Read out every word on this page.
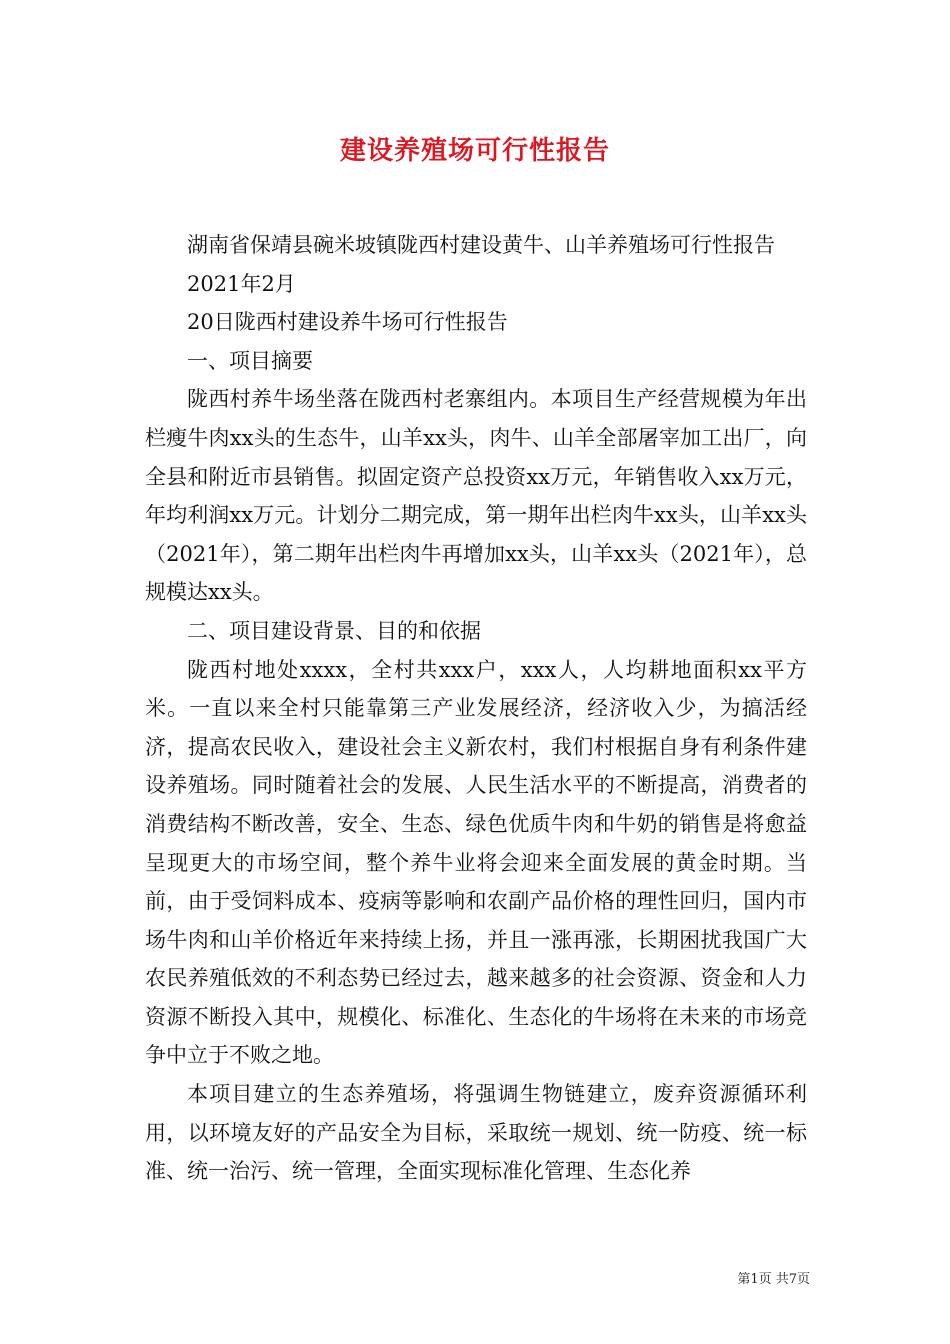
建设养殖场可行性报告

湖南省保靖县碗米坡镇陇西村建设黄牛、山羊养殖场可行性报告

2021年2月

20日陇西村建设养牛场可行性报告

一、项目摘要

陇西村养牛场坐落在陇西村老寨组内。本项目生产经营规模为年出栏瘦牛肉xx头的生态牛，山羊xx头，肉牛、山羊全部屠宰加工出厂，向全县和附近市县销售。拟固定资产总投资xx万元，年销售收入xx万元，年均利润xx万元。计划分二期完成，第一期年出栏肉牛xx头，山羊xx头（2021年），第二期年出栏肉牛再增加xx头，山羊xx头（2021年），总规模达xx头。

二、项目建设背景、目的和依据

陇西村地处xxxx，全村共xxx户，xxx人，人均耕地面积xx平方米。一直以来全村只能靠第三产业发展经济，经济收入少，为搞活经济，提高农民收入，建设社会主义新农村，我们村根据自身有利条件建设养殖场。同时随着社会的发展、人民生活水平的不断提高，消费者的消费结构不断改善，安全、生态、绿色优质牛肉和牛奶的销售是将愈益呈现更大的市场空间，整个养牛业将会迎来全面发展的黄金时期。当前，由于受饲料成本、疫病等影响和农副产品价格的理性回归，国内市场牛肉和山羊价格近年来持续上扬，并且一涨再涨，长期困扰我国广大农民养殖低效的不利态势已经过去，越来越多的社会资源、资金和人力资源不断投入其中，规模化、标准化、生态化的牛场将在未来的市场竞争中立于不败之地。

本项目建立的生态养殖场，将强调生物链建立，废弃资源循环利用，以环境友好的产品安全为目标，采取统一规划、统一防疫、统一标准、统一治污、统一管理，全面实现标准化管理、生态化养

第1页 共7页
